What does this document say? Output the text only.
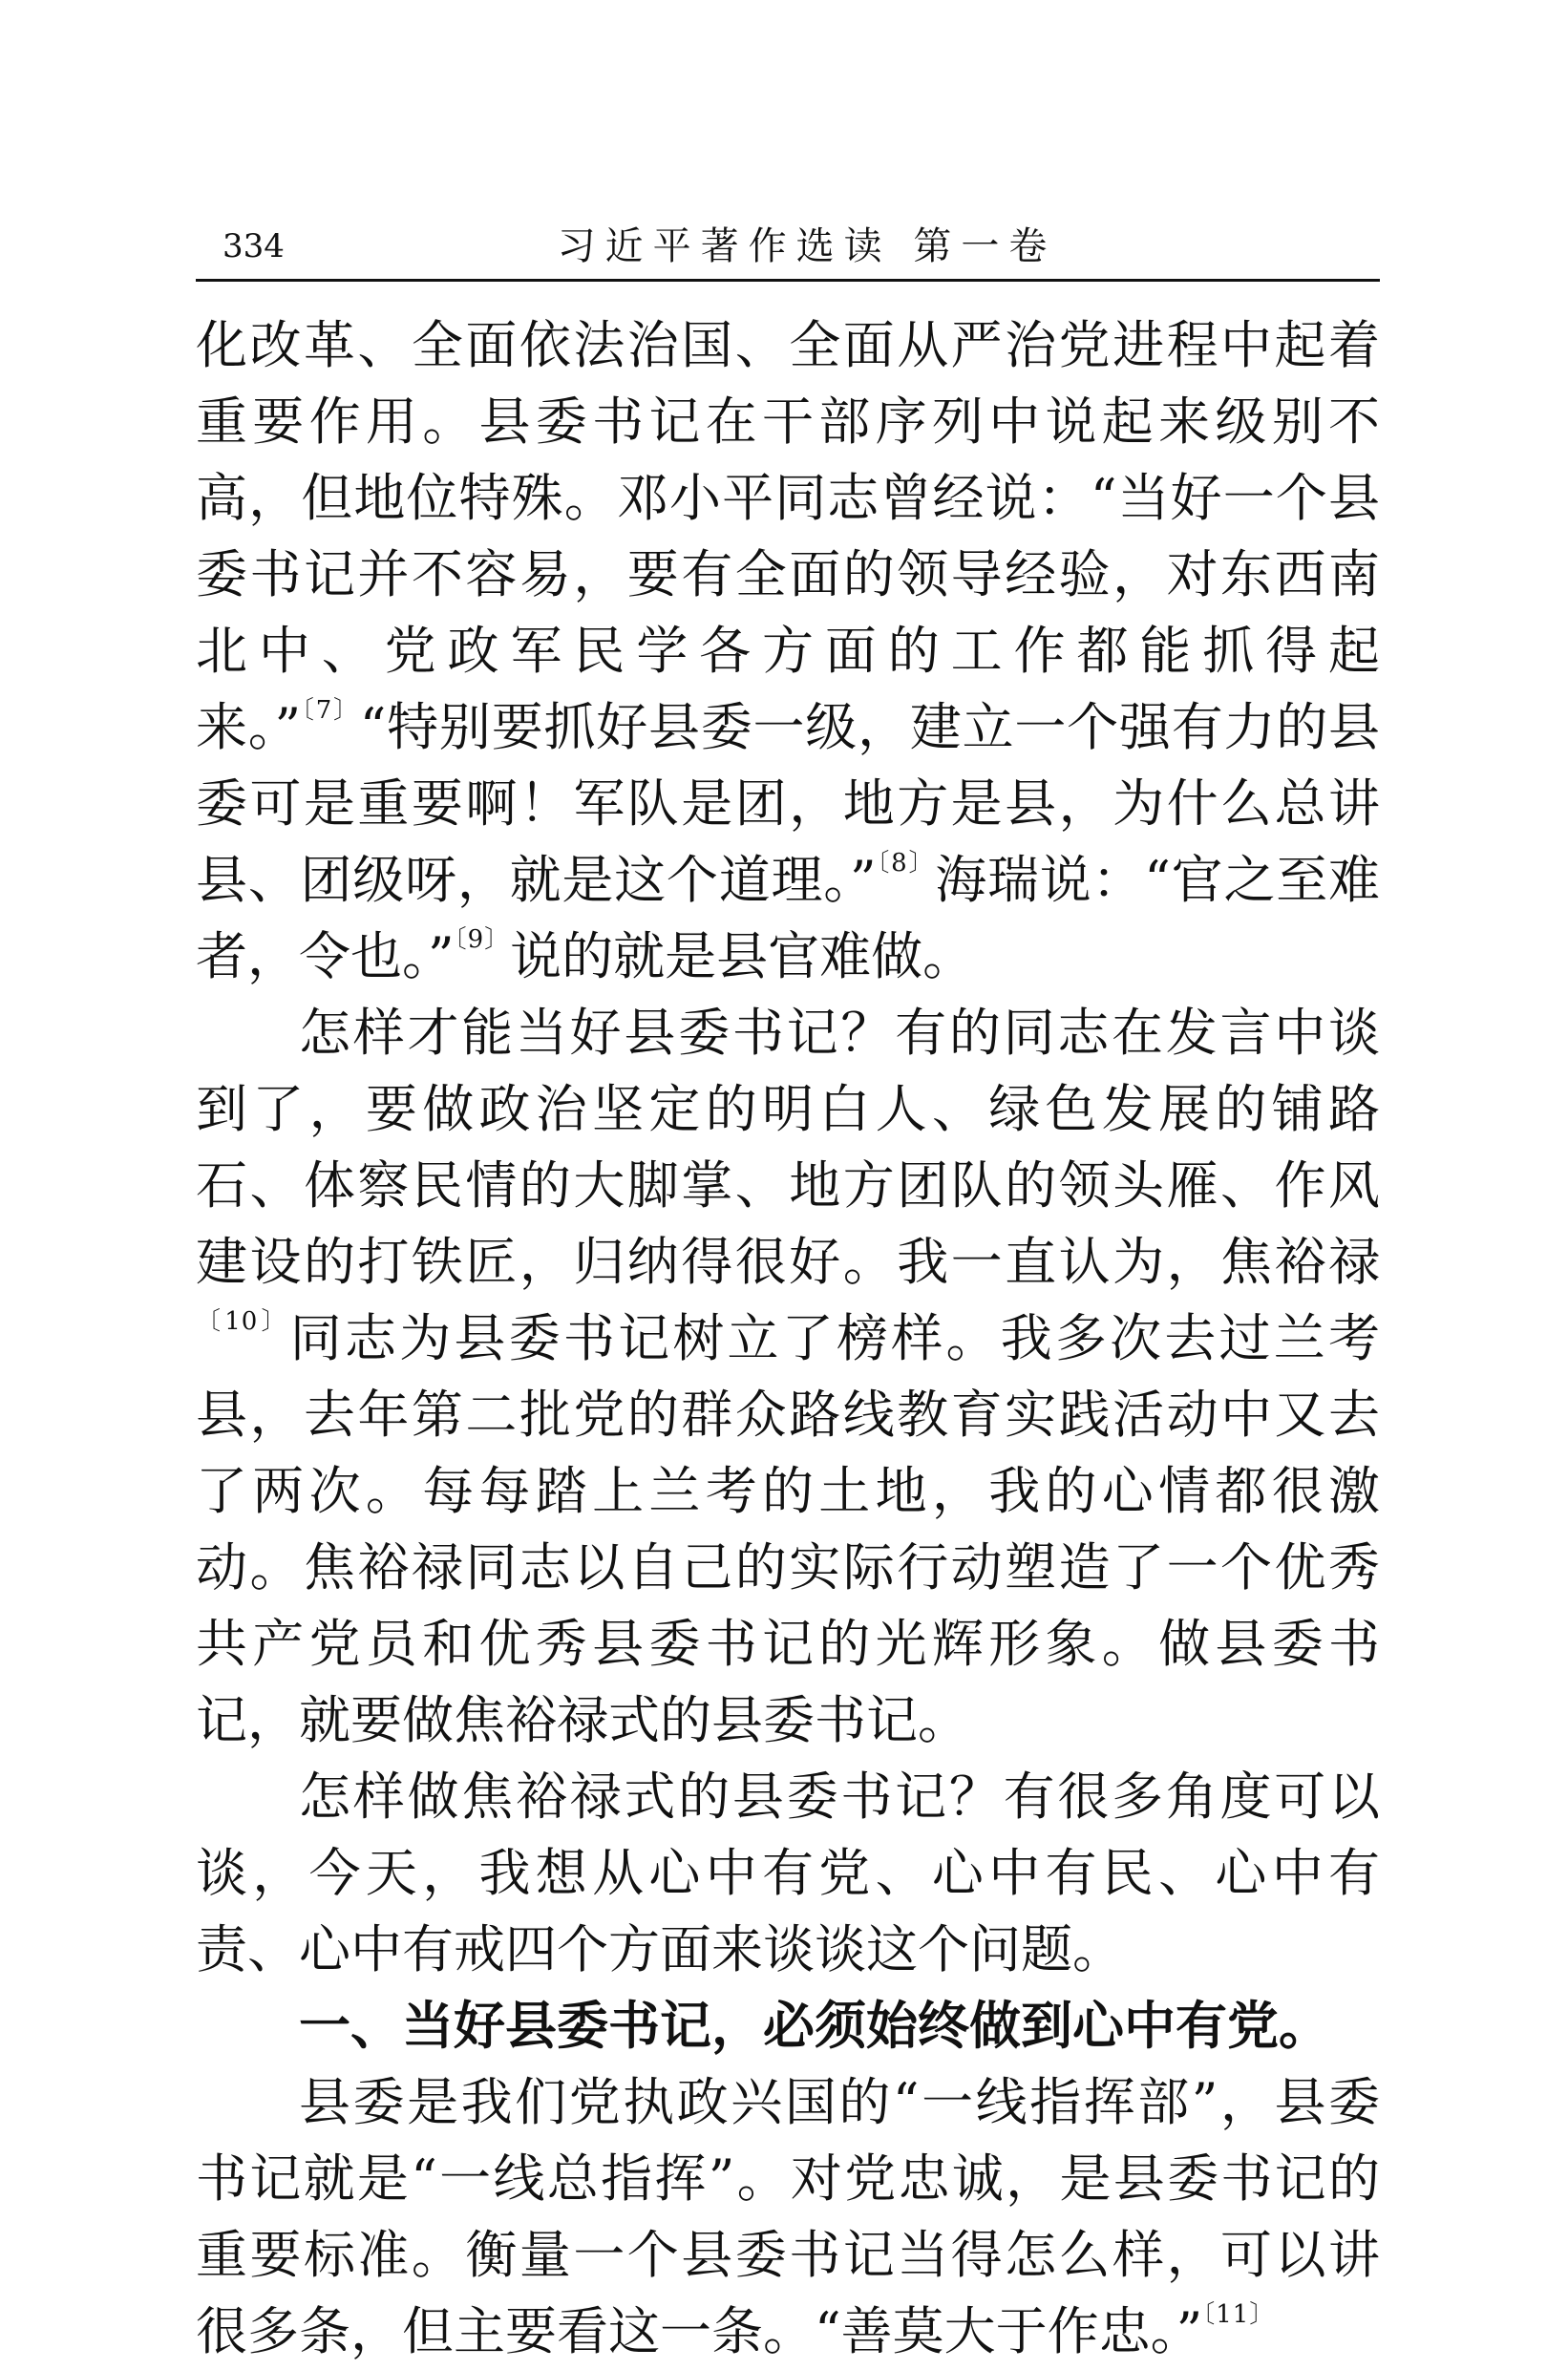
334	习近平著作选读 第一卷

化改革、全面依法治国、全面从严治党进程中起着重要作用。县委书记在干部序列中说起来级别不高，但地位特殊。邓小平同志曾经说：“当好一个县委书记并不容易，要有全面的领导经验，对东西南北中、党政军民学各方面的工作都能抓得起来。”$^{〔7〕}$“特别要抓好县委一级，建立一个强有力的县委可是重要啊！军队是团，地方是县，为什么总讲县、团级呀，就是这个道理。”$^{〔8〕}$海瑞说：“官之至难者，令也。”$^{〔9〕}$说的就是县官难做。

怎样才能当好县委书记？有的同志在发言中谈到了，要做政治坚定的明白人、绿色发展的铺路石、体察民情的大脚掌、地方团队的领头雁、作风建设的打铁匠，归纳得很好。我一直认为，焦裕禄$^{〔10〕}$同志为县委书记树立了榜样。我多次去过兰考县，去年第二批党的群众路线教育实践活动中又去了两次。每每踏上兰考的土地，我的心情都很激动。焦裕禄同志以自己的实际行动塑造了一个优秀共产党员和优秀县委书记的光辉形象。做县委书记，就要做焦裕禄式的县委书记。

怎样做焦裕禄式的县委书记？有很多角度可以谈，今天，我想从心中有党、心中有民、心中有责、心中有戒四个方面来谈谈这个问题。

一、当好县委书记，必须始终做到心中有党。

县委是我们党执政兴国的“一线指挥部”，县委书记就是“一线总指挥”。对党忠诚，是县委书记的重要标准。衡量一个县委书记当得怎么样，可以讲很多条，但主要看这一条。“善莫大于作忠。”$^{〔11〕}$
